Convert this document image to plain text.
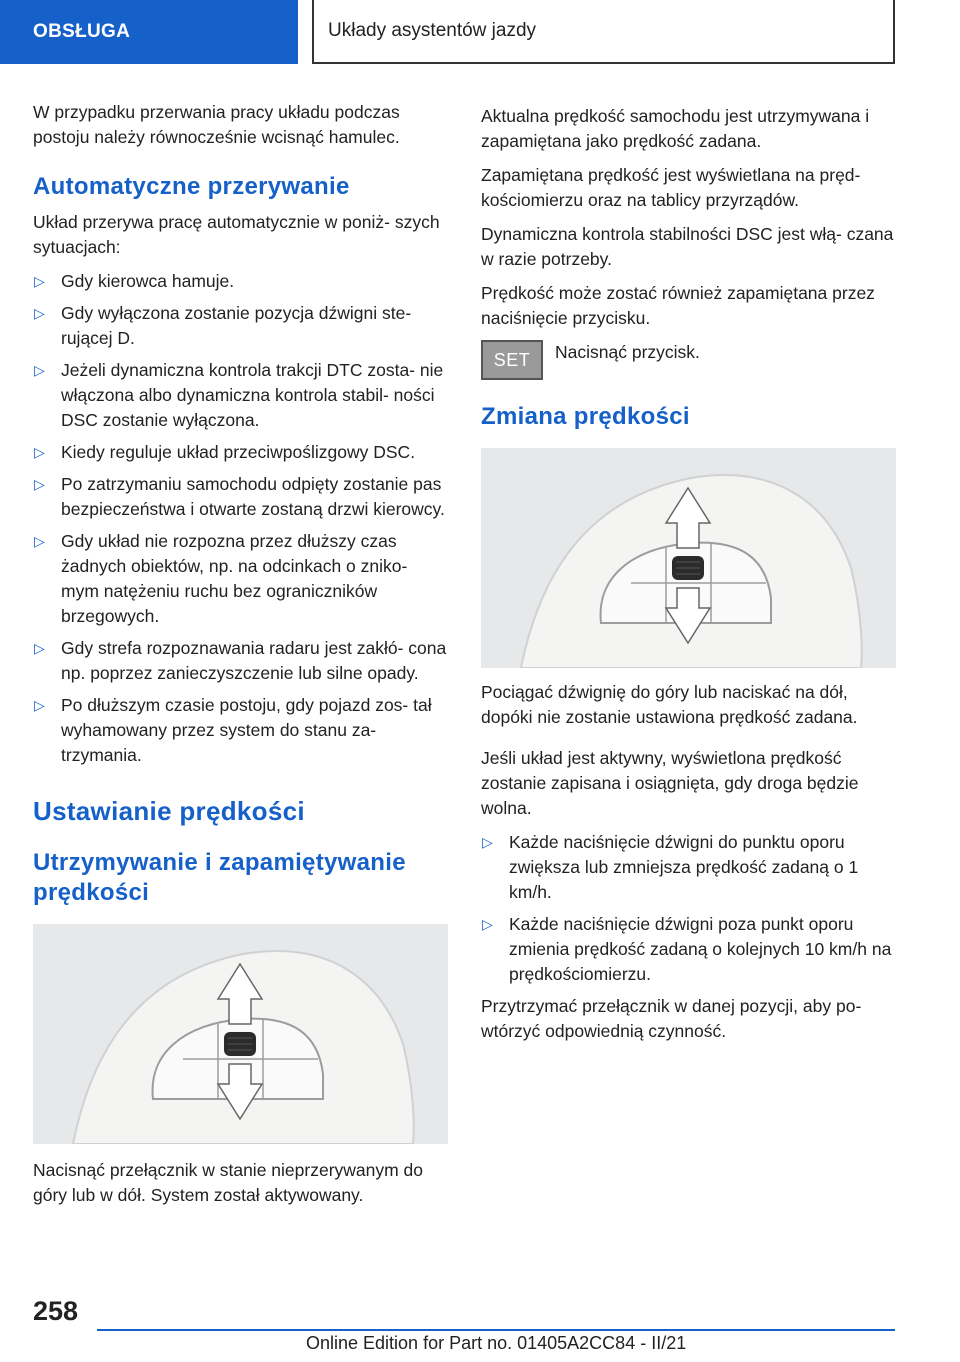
OBSŁUGA	Układy asystentów jazdy

W przypadku przerwania pracy układu podczas postoju należy równocześnie wcisnąć hamulec.

Automatyczne przerywanie

Układ przerywa pracę automatycznie w poniż- szych sytuacjach:

▷ Gdy kierowca hamuje.
▷ Gdy wyłączona zostanie pozycja dźwigni ste- rującej D.
▷ Jeżeli dynamiczna kontrola trakcji DTC zosta- nie włączona albo dynamiczna kontrola stabil- ności DSC zostanie wyłączona.
▷ Kiedy reguluje układ przeciwpoślizgowy DSC.
▷ Po zatrzymaniu samochodu odpięty zostanie pas bezpieczeństwa i otwarte zostaną drzwi kierowcy.
▷ Gdy układ nie rozpozna przez dłuższy czas żadnych obiektów, np. na odcinkach o zniko- mym natężeniu ruchu bez ograniczników brzegowych.
▷ Gdy strefa rozpoznawania radaru jest zakłó- cona np. poprzez zanieczyszczenie lub silne opady.
▷ Po dłuższym czasie postoju, gdy pojazd zos- tał wyhamowany przez system do stanu za- trzymania.
Ustawianie prędkości
Utrzymywanie i zapamiętywanie prędkości

Nacisnąć przełącznik w stanie nieprzerywanym do góry lub w dół. System został aktywowany.

Aktualna prędkość samochodu jest utrzymywana i zapamiętana jako prędkość zadana.

Zapamiętana prędkość jest wyświetlana na pręd- kościomierzu oraz na tablicy przyrządów.

Dynamiczna kontrola stabilności DSC jest włą- czana w razie potrzeby.

Prędkość może zostać również zapamiętana przez naciśnięcie przycisku.

SET	Nacisnąć przycisk.
Zmiana prędkości

Pociągać dźwignię do góry lub naciskać na dół, dopóki nie zostanie ustawiona prędkość zadana.

Jeśli układ jest aktywny, wyświetlona prędkość zostanie zapisana i osiągnięta, gdy droga będzie wolna.

▷ Każde naciśnięcie dźwigni do punktu oporu zwiększa lub zmniejsza prędkość zadaną o 1 km/h.
▷ Każde naciśnięcie dźwigni poza punkt oporu zmienia prędkość zadaną o kolejnych 10 km/h na prędkościomierzu.

Przytrzymać przełącznik w danej pozycji, aby po- wtórzyć odpowiednią czynność.

258
Online Edition for Part no. 01405A2CC84 - II/21
